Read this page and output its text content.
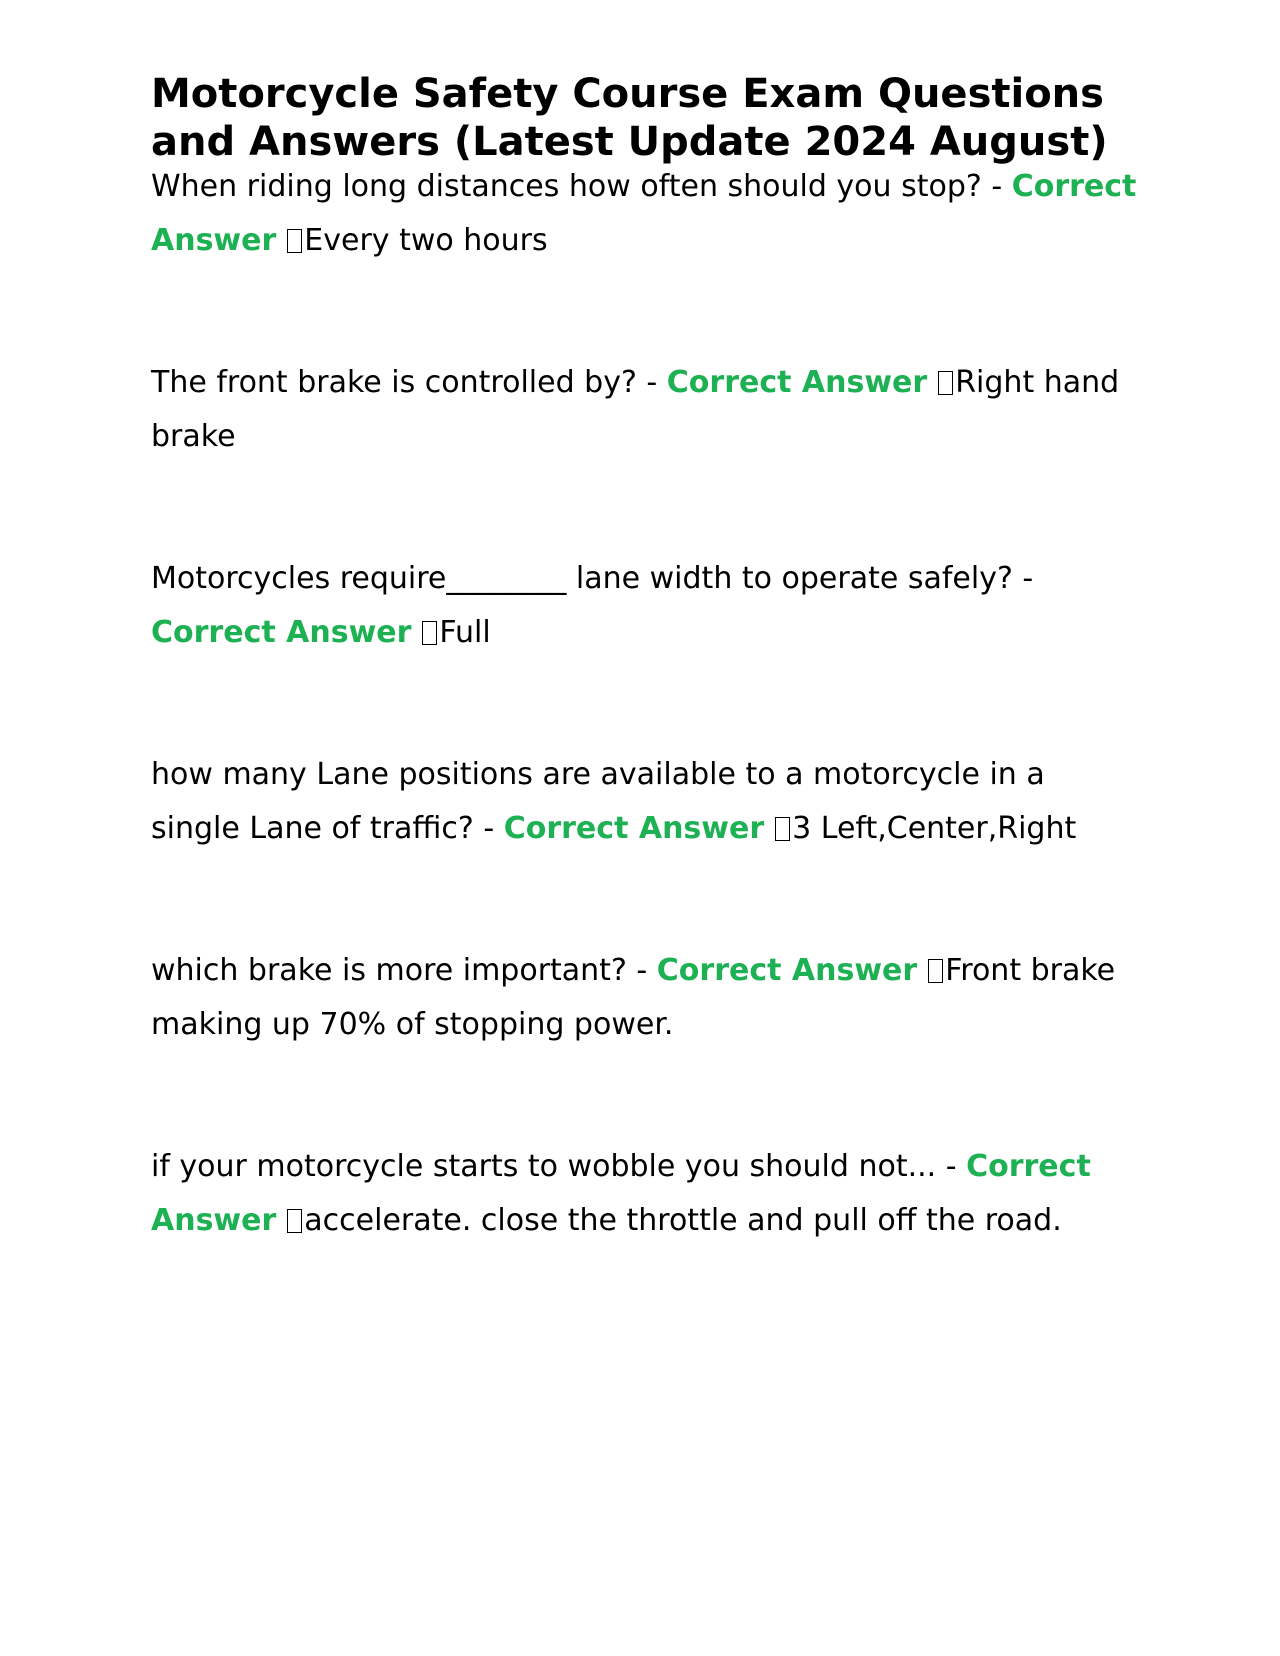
Motorcycle Safety Course Exam Questions and Answers (Latest Update 2024 August)

When riding long distances how often should you stop? - Correct Answer Every two hours

The front brake is controlled by? - Correct Answer Right hand brake

Motorcycles require________ lane width to operate safely? - Correct Answer Full

how many Lane positions are available to a motorcycle in a single Lane of traffic? - Correct Answer 3 Left,Center,Right

which brake is more important? - Correct Answer Front brake making up 70% of stopping power.

if your motorcycle starts to wobble you should not... - Correct Answer accelerate. close the throttle and pull off the road.
